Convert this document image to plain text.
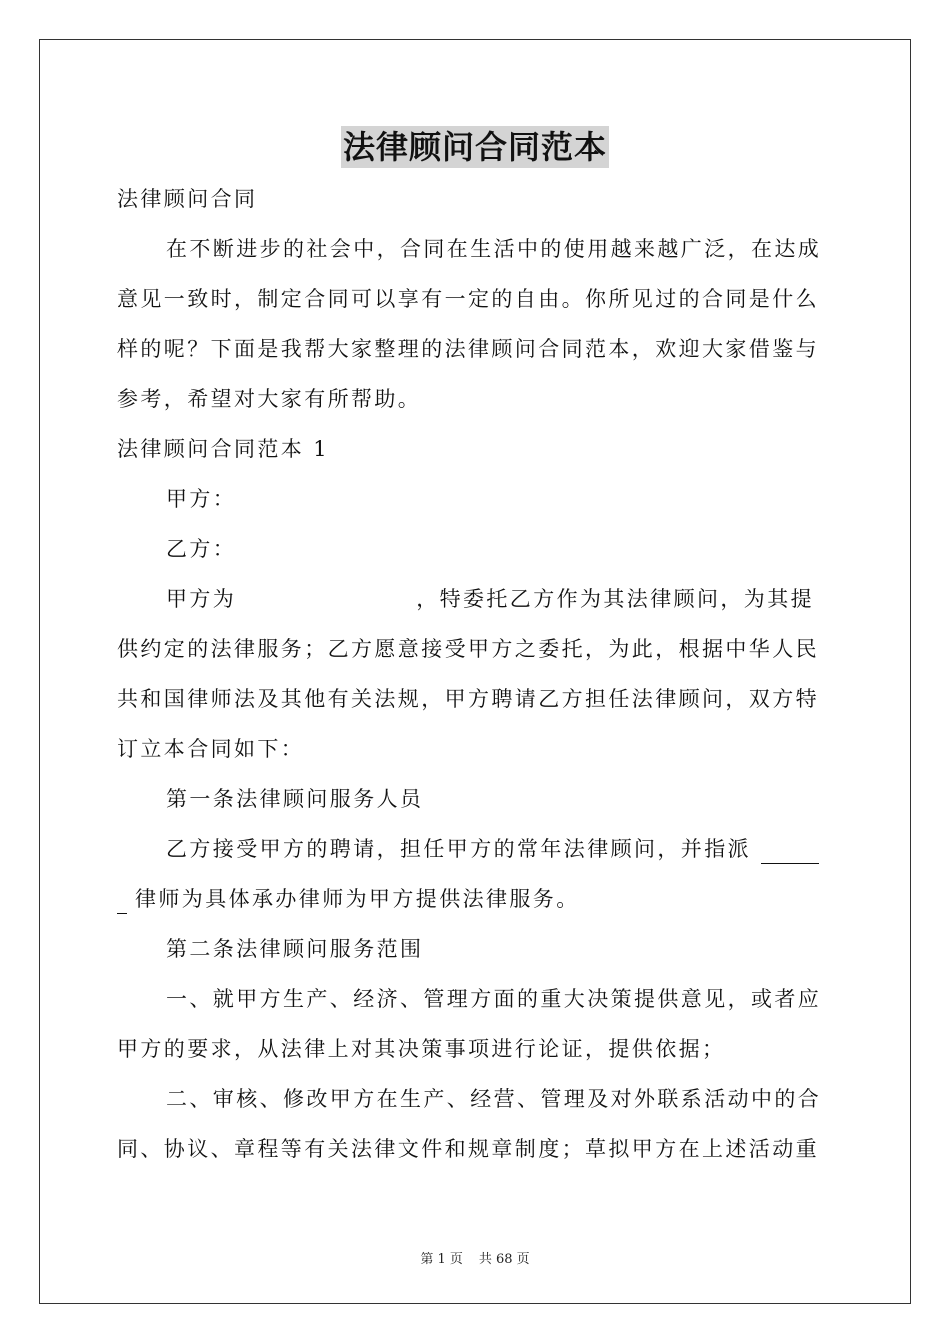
法律顾问合同范本
法律顾问合同
在不断进步的社会中，合同在生活中的使用越来越广泛，在达成
意见一致时，制定合同可以享有一定的自由。你所见过的合同是什么
样的呢？下面是我帮大家整理的法律顾问合同范本，欢迎大家借鉴与
参考，希望对大家有所帮助。
法律顾问合同范本 1
甲方：
乙方：
甲方为	，特委托乙方作为其法律顾问，为其提
供约定的法律服务；乙方愿意接受甲方之委托，为此，根据中华人民
共和国律师法及其他有关法规，甲方聘请乙方担任法律顾问，双方特
订立本合同如下：
第一条法律顾问服务人员
乙方接受甲方的聘请，担任甲方的常年法律顾问，并指派
律师为具体承办律师为甲方提供法律服务。
第二条法律顾问服务范围
一、就甲方生产、经济、管理方面的重大决策提供意见，或者应
甲方的要求，从法律上对其决策事项进行论证，提供依据；
二、审核、修改甲方在生产、经营、管理及对外联系活动中的合
同、协议、章程等有关法律文件和规章制度；草拟甲方在上述活动重
第 1 页 共 68 页
